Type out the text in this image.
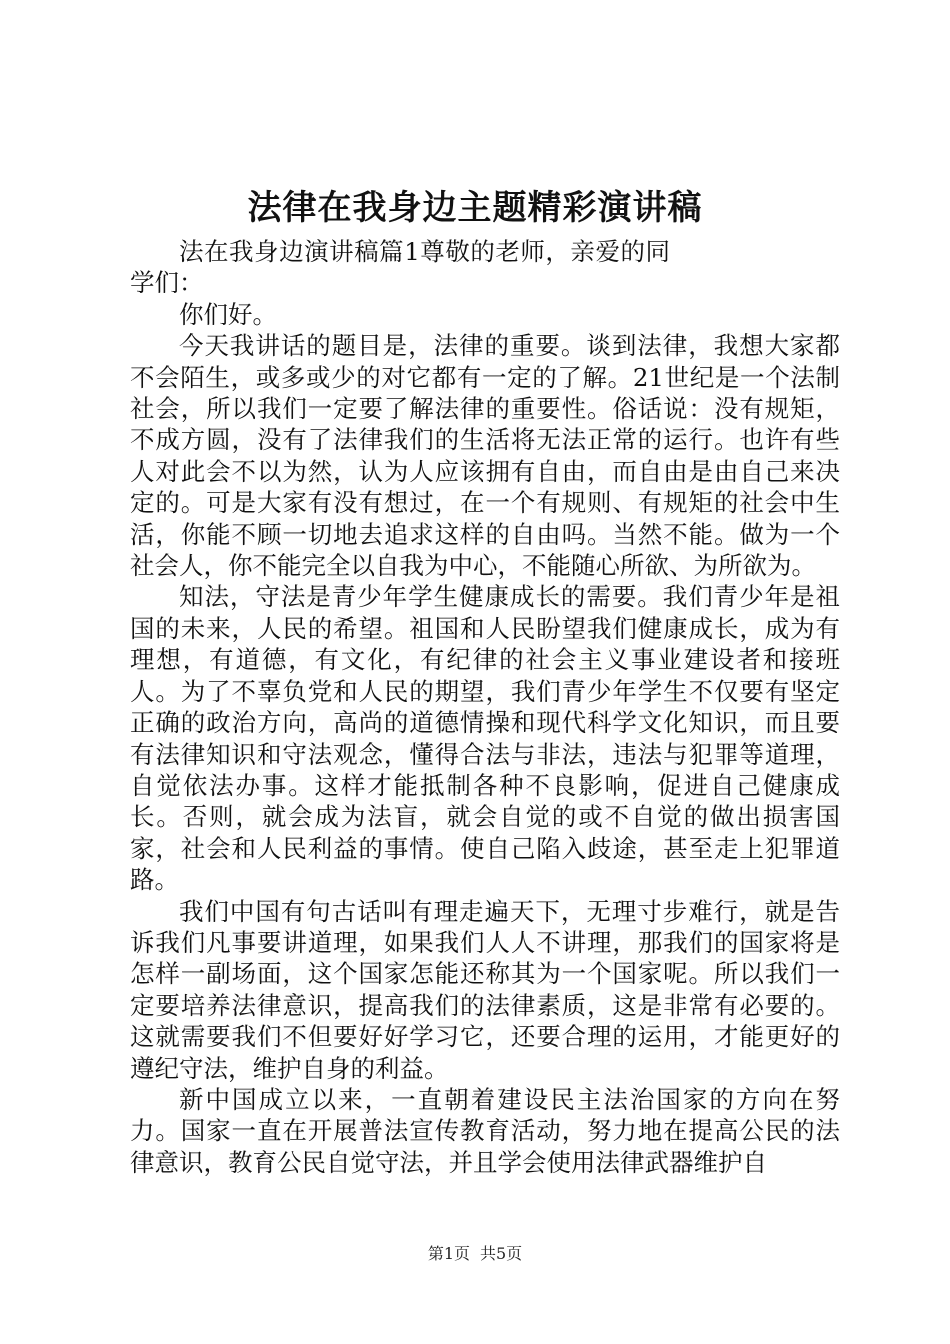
法律在我身边主题精彩演讲稿

法在我身边演讲稿篇1尊敬的老师，亲爱的同学们：

你们好。

今天我讲话的题目是，法律的重要。谈到法律，我想大家都不会陌生，或多或少的对它都有一定的了解。21世纪是一个法制社会，所以我们一定要了解法律的重要性。俗话说：没有规矩，不成方圆，没有了法律我们的生活将无法正常的运行。也许有些人对此会不以为然，认为人应该拥有自由，而自由是由自己来决定的。可是大家有没有想过，在一个有规则、有规矩的社会中生活，你能不顾一切地去追求这样的自由吗。当然不能。做为一个社会人，你不能完全以自我为中心，不能随心所欲、为所欲为。

知法，守法是青少年学生健康成长的需要。我们青少年是祖国的未来，人民的希望。祖国和人民盼望我们健康成长，成为有理想，有道德，有文化，有纪律的社会主义事业建设者和接班人。为了不辜负党和人民的期望，我们青少年学生不仅要有坚定正确的政治方向，高尚的道德情操和现代科学文化知识，而且要有法律知识和守法观念，懂得合法与非法，违法与犯罪等道理，自觉依法办事。这样才能抵制各种不良影响，促进自己健康成长。否则，就会成为法盲，就会自觉的或不自觉的做出损害国家，社会和人民利益的事情。使自己陷入歧途，甚至走上犯罪道路。

我们中国有句古话叫有理走遍天下，无理寸步难行，就是告诉我们凡事要讲道理，如果我们人人不讲理，那我们的国家将是怎样一副场面，这个国家怎能还称其为一个国家呢。所以我们一定要培养法律意识，提高我们的法律素质，这是非常有必要的。这就需要我们不但要好好学习它，还要合理的运用，才能更好的遵纪守法，维护自身的利益。

新中国成立以来，一直朝着建设民主法治国家的方向在努力。国家一直在开展普法宣传教育活动，努力地在提高公民的法律意识，教育公民自觉守法，并且学会使用法律武器维护自

第1页 共5页
